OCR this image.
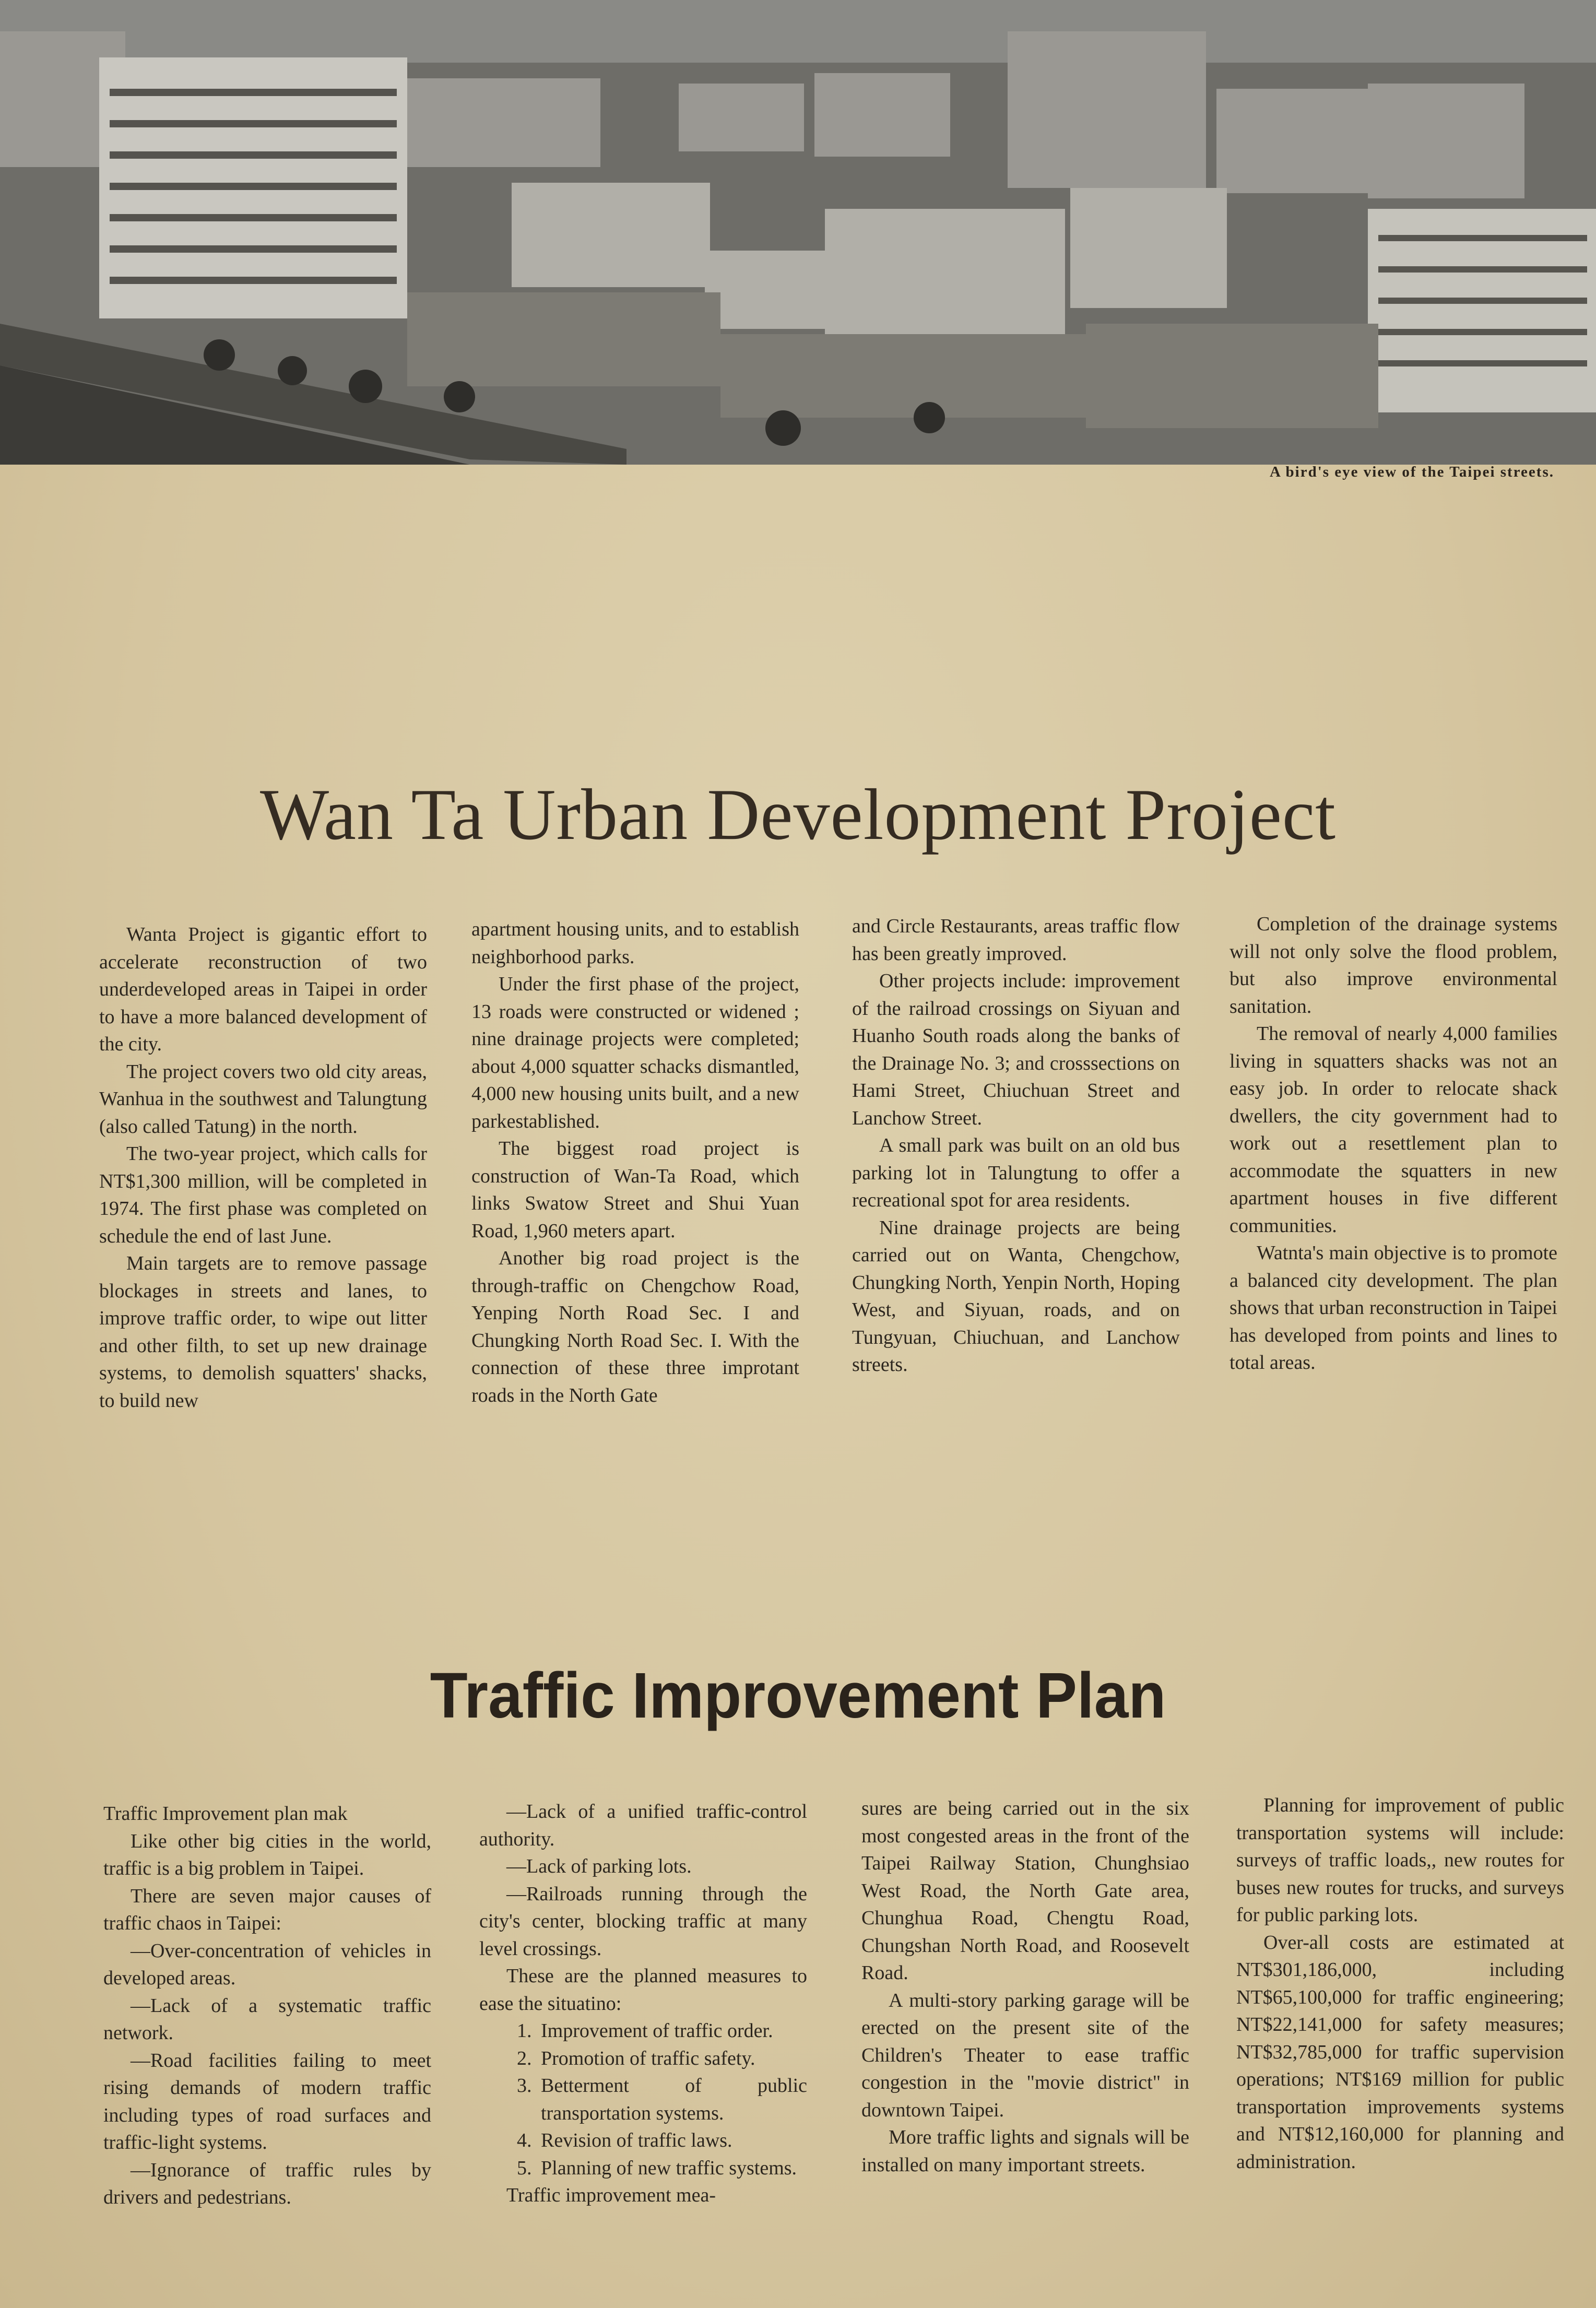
A bird's eye view of the Taipei streets.
Wan Ta Urban Development Project

Wanta Project is gigantic effort to accelerate reconstruction of two underdeveloped areas in Taipei in order to have a more balanced development of the city.

The project covers two old city areas, Wanhua in the southwest and Talungtung (also called Tatung) in the north.

The two-year project, which calls for NT$1,300 million, will be completed in 1974. The first phase was completed on schedule the end of last June.

Main targets are to remove passage blockages in streets and lanes, to improve traffic order, to wipe out litter and other filth, to set up new drainage systems, to demolish squatters' shacks, to build new

apartment housing units, and to establish neighborhood parks.

Under the first phase of the project, 13 roads were constructed or widened ; nine drainage projects were completed; about 4,000 squatter schacks dismantled, 4,000 new housing units built, and a new parkestablished.

The biggest road project is construction of Wan-Ta Road, which links Swatow Street and Shui Yuan Road, 1,960 meters apart.

Another big road project is the through-traffic on Chengchow Road, Yenping North Road Sec. I and Chungking North Road Sec. I. With the connection of these three improtant roads in the North Gate

and Circle Restaurants, areas traffic flow has been greatly improved.

Other projects include: improvement of the railroad crossings on Siyuan and Huanho South roads along the banks of the Drainage No. 3; and crosssections on Hami Street, Chiuchuan Street and Lanchow Street.

A small park was built on an old bus parking lot in Talungtung to offer a recreational spot for area residents.

Nine drainage projects are being carried out on Wanta, Chengchow, Chungking North, Yenpin North, Hoping West, and Siyuan, roads, and on Tungyuan, Chiuchuan, and Lanchow streets.

Completion of the drainage systems will not only solve the flood problem, but also improve environmental sanitation.

The removal of nearly 4,000 families living in squatters shacks was not an easy job. In order to relocate shack dwellers, the city government had to work out a resettlement plan to accommodate the squatters in new apartment houses in five different communities.

Watnta's main objective is to promote a balanced city development. The plan shows that urban reconstruction in Taipei has developed from points and lines to total areas.

Traffic Improvement Plan

Traffic Improvement plan mak

Like other big cities in the world, traffic is a big problem in Taipei.

There are seven major causes of traffic chaos in Taipei:

—Over-concentration of vehicles in developed areas.

—Lack of a systematic traffic network.

—Road facilities failing to meet rising demands of modern traffic including types of road surfaces and traffic-light systems.

—Ignorance of traffic rules by drivers and pedestrians.

—Lack of a unified traffic-control authority.

—Lack of parking lots.

—Railroads running through the city's center, blocking traffic at many level crossings.

These are the planned measures to ease the situatino:

1. Improvement of traffic order.
2. Promotion of traffic safety.
3. Betterment of public transportation systems.
4. Revision of traffic laws.
5. Planning of new traffic systems.

Traffic improvement mea-

sures are being carried out in the six most congested areas in the front of the Taipei Railway Station, Chunghsiao West Road, the North Gate area, Chunghua Road, Chengtu Road, Chungshan North Road, and Roosevelt Road.

A multi-story parking garage will be erected on the present site of the Children's Theater to ease traffic congestion in the "movie district" in downtown Taipei.

More traffic lights and signals will be installed on many important streets.

Planning for improvement of public transportation systems will include: surveys of traffic loads,, new routes for buses new routes for trucks, and surveys for public parking lots.

Over-all costs are estimated at NT$301,186,000, including NT$65,100,000 for traffic engineering; NT$22,141,000 for safety measures; NT$32,785,000 for traffic supervision operations; NT$169 million for public transportation improvements systems and NT$12,160,000 for planning and administration.
